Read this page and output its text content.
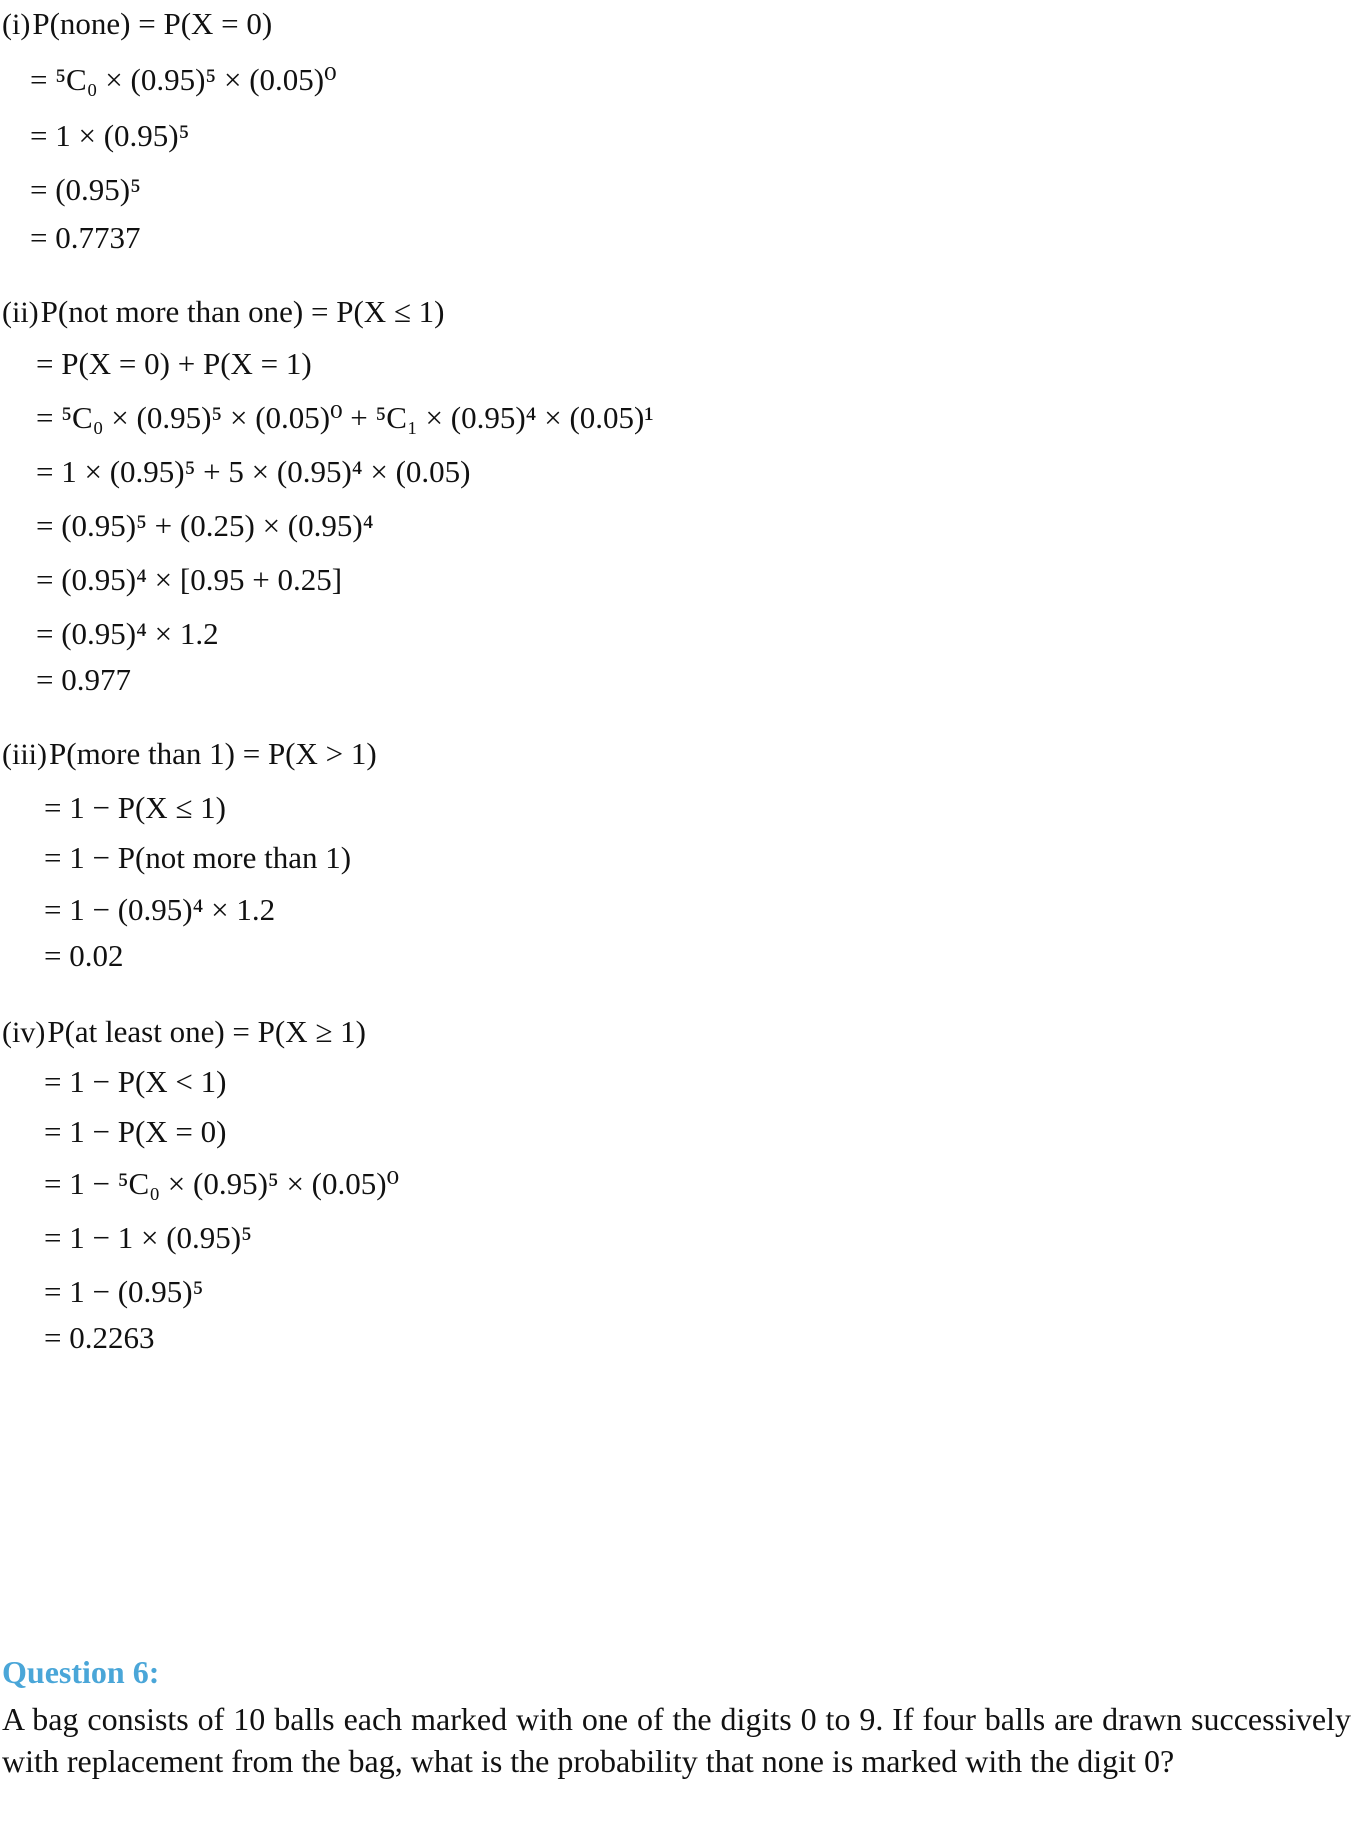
(i)P(none) = P(X = 0)
= ⁵C₀ × (0.95)⁵ × (0.05)⁰
= 1 × (0.95)⁵
= (0.95)⁵
= 0.7737
(ii)P(not more than one) = P(X ≤ 1)
= P(X = 0) + P(X = 1)
= ⁵C₀ × (0.95)⁵ × (0.05)⁰ + ⁵C₁ × (0.95)⁴ × (0.05)¹
= 1 × (0.95)⁵ + 5 × (0.95)⁴ × (0.05)
= (0.95)⁵ + (0.25) × (0.95)⁴
= (0.95)⁴ × [0.95 + 0.25]
= (0.95)⁴ × 1.2
= 0.977
(iii)P(more than 1) = P(X > 1)
= 1 − P(X ≤ 1)
= 1 − P(not more than 1)
= 1 − (0.95)⁴ × 1.2
= 0.02
(iv)P(at least one) = P(X ≥ 1)
= 1 − P(X < 1)
= 1 − P(X = 0)
= 1 − ⁵C₀ × (0.95)⁵ × (0.05)⁰
= 1 − 1 × (0.95)⁵
= 1 − (0.95)⁵
= 0.2263
Question 6:
A bag consists of 10 balls each marked with one of the digits 0 to 9. If four balls are drawn successively with replacement from the bag, what is the probability that none is marked with the digit 0?
